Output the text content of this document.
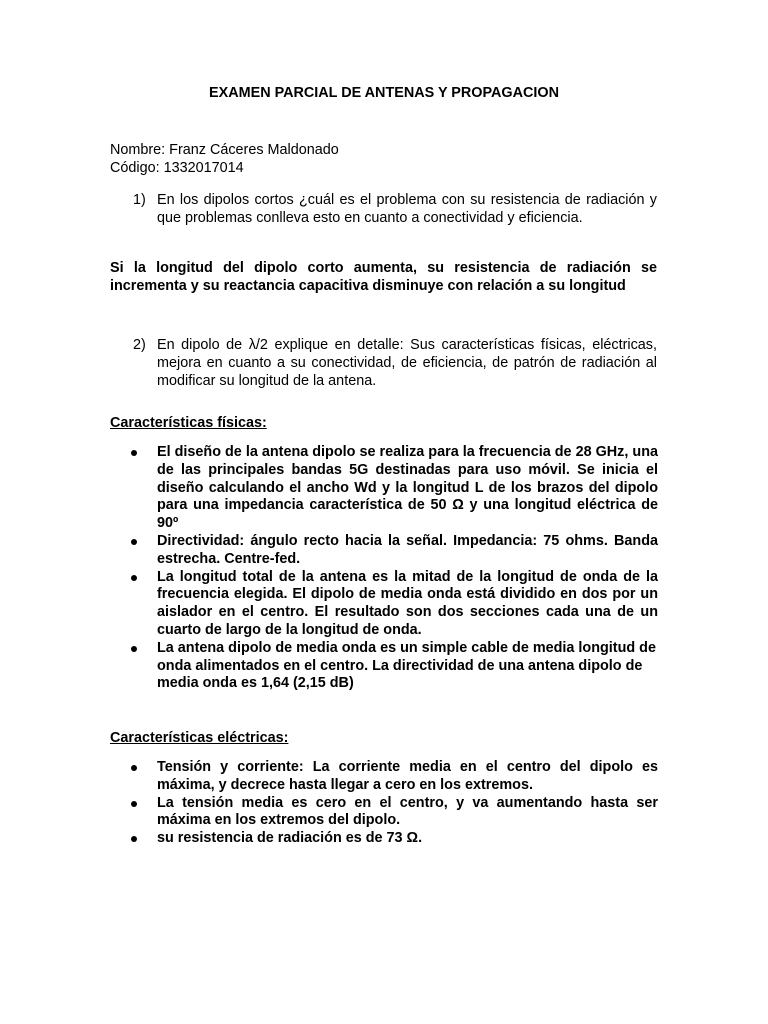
EXAMEN PARCIAL DE ANTENAS Y PROPAGACION

Nombre: Franz Cáceres Maldonado

Código: 1332017014

1) En los dipolos cortos ¿cuál es el problema con su resistencia de radiación y que problemas conlleva esto en cuanto a conectividad y eficiencia.

Si la longitud del dipolo corto aumenta, su resistencia de radiación se incrementa y su reactancia capacitiva disminuye con relación a su longitud

2) En dipolo de λ/2 explique en detalle: Sus características físicas, eléctricas, mejora en cuanto a su conectividad, de eficiencia, de patrón de radiación al modificar su longitud de la antena.

Características físicas:

El diseño de la antena dipolo se realiza para la frecuencia de 28 GHz, una de las principales bandas 5G destinadas para uso móvil. Se inicia el diseño calculando el ancho Wd y la longitud L de los brazos del dipolo para una impedancia característica de 50 Ω y una longitud eléctrica de 90º
Directividad: ángulo recto hacia la señal. Impedancia: 75 ohms. Banda estrecha. Centre-fed.
La longitud total de la antena es la mitad de la longitud de onda de la frecuencia elegida. El dipolo de media onda está dividido en dos por un aislador en el centro. El resultado son dos secciones cada una de un cuarto de largo de la longitud de onda.
La antena dipolo de media onda es un simple cable de media longitud de onda alimentados en el centro. La directividad de una antena dipolo de media onda es 1,64 (2,15 dB)

Características eléctricas:

Tensión y corriente: La corriente media en el centro del dipolo es máxima, y decrece hasta llegar a cero en los extremos.
La tensión media es cero en el centro, y va aumentando hasta ser máxima en los extremos del dipolo.
su resistencia de radiación es de 73 Ω.
